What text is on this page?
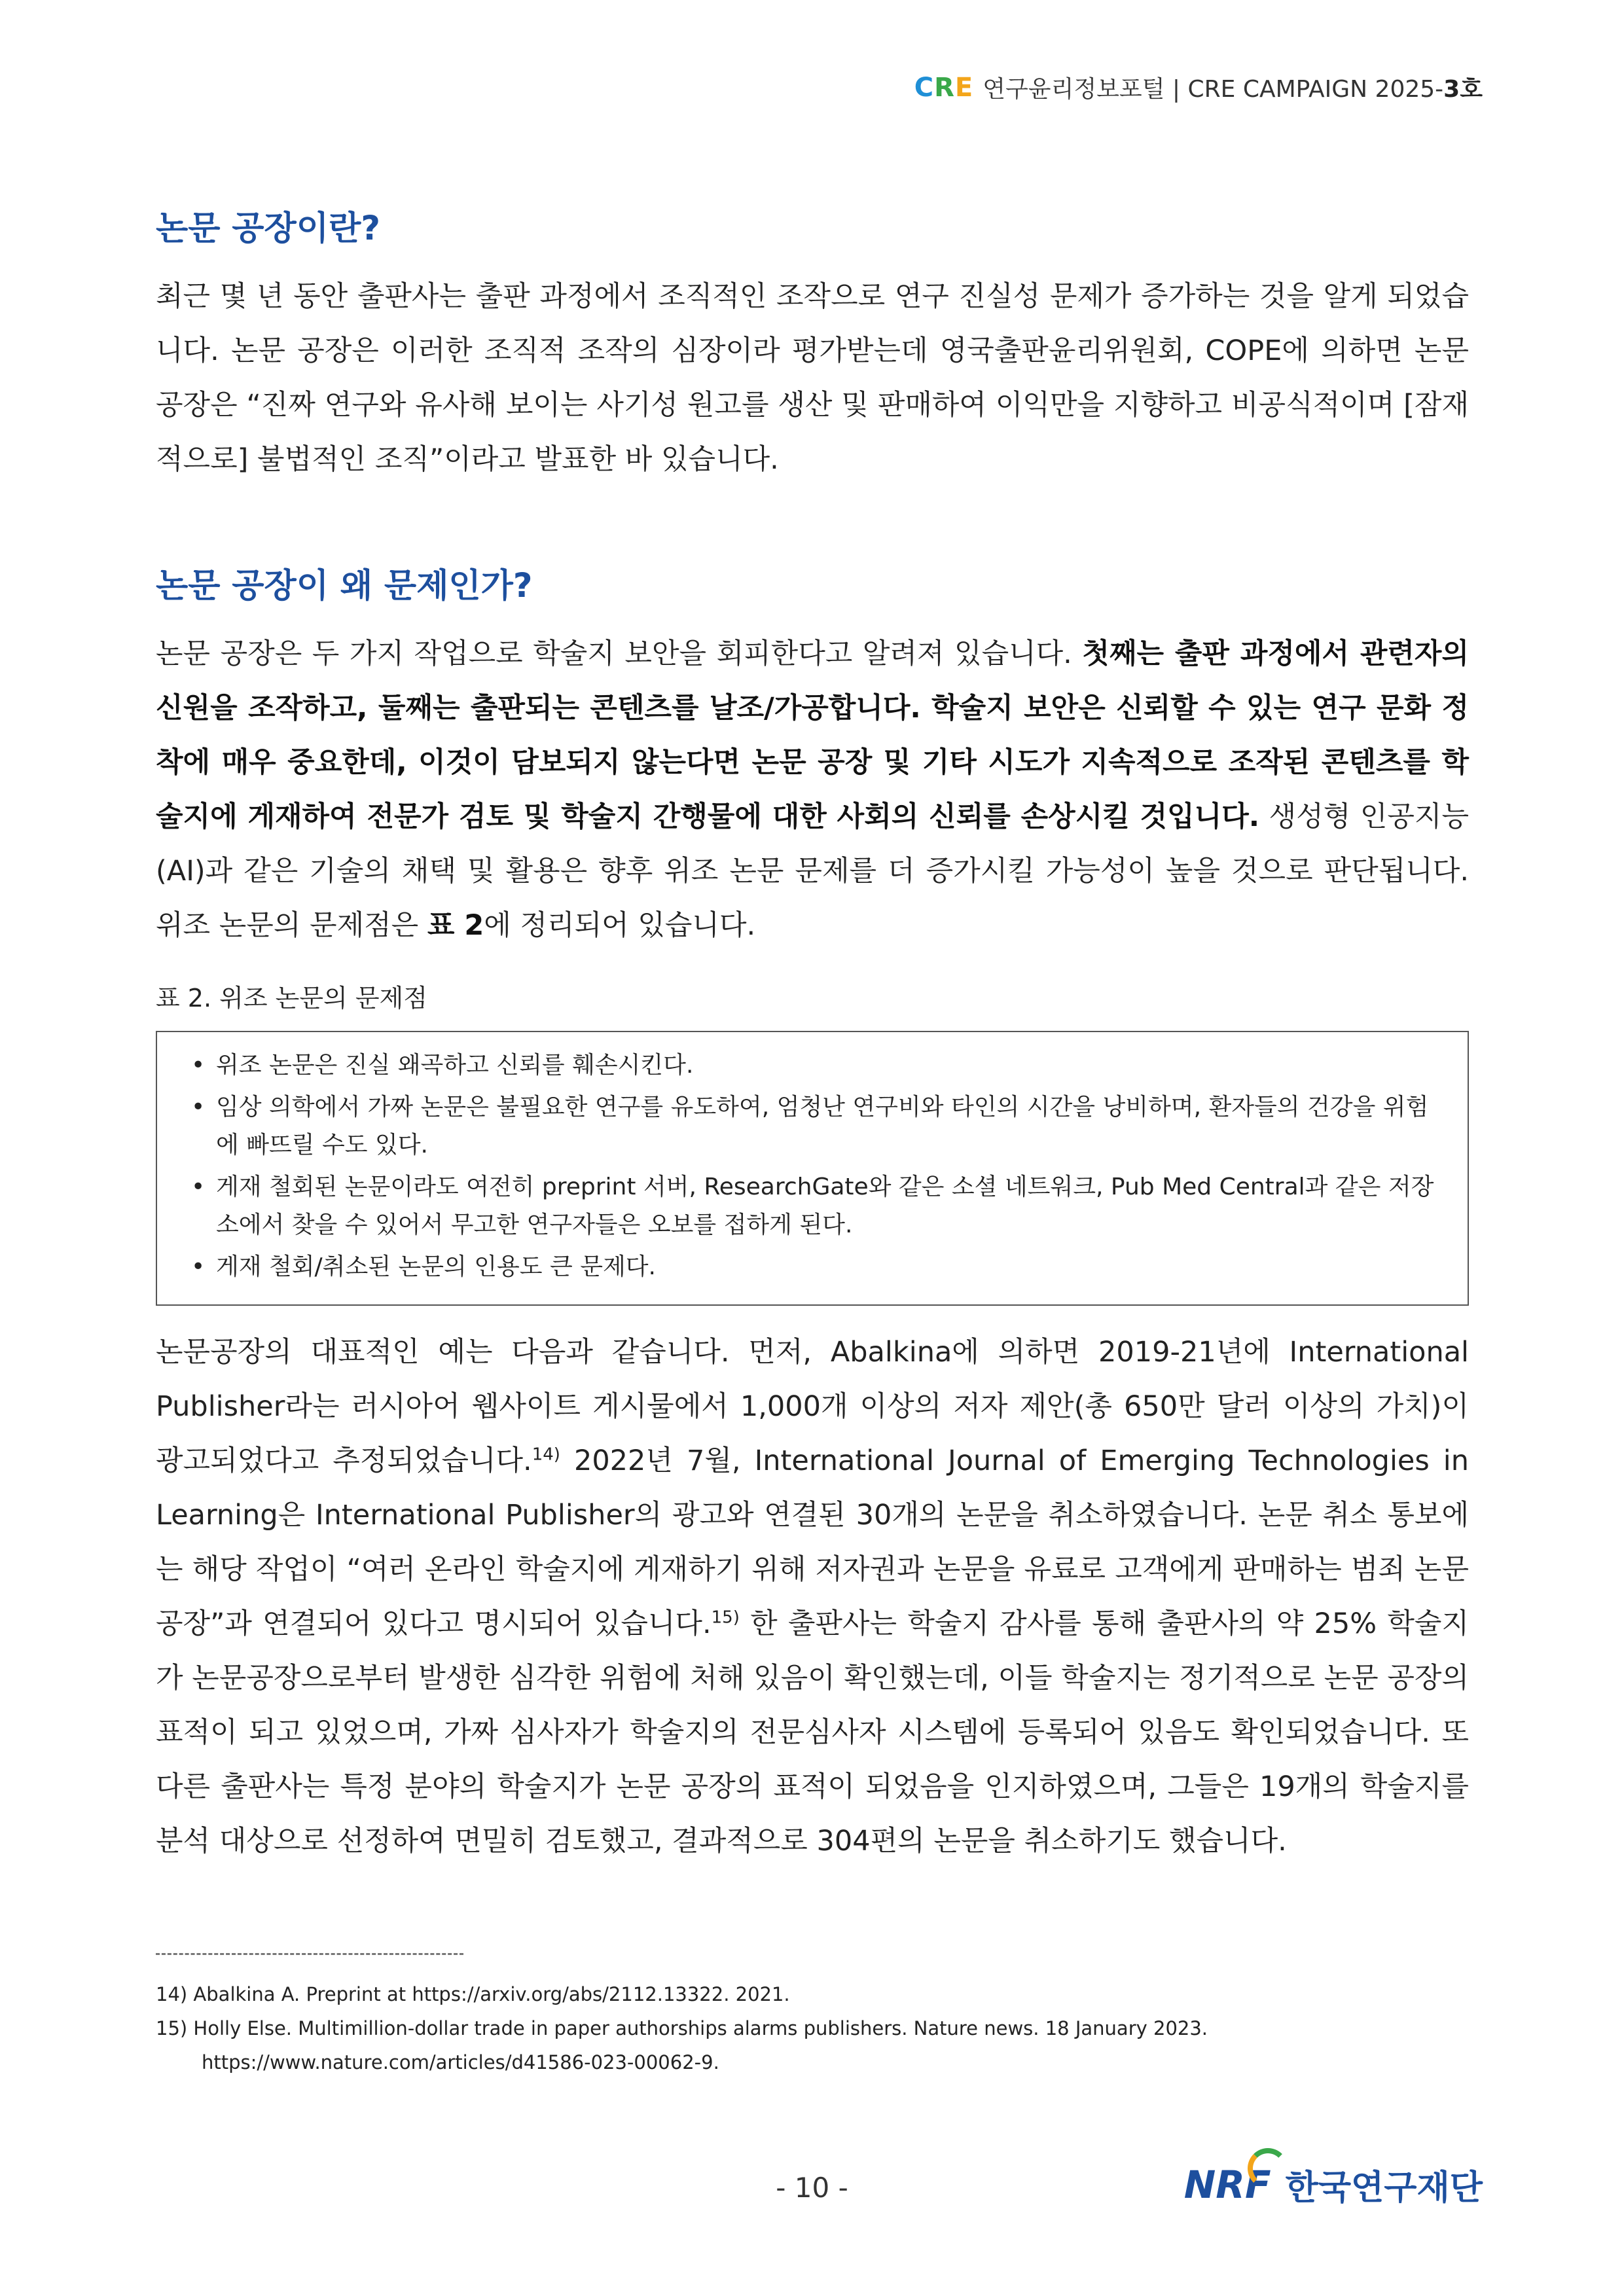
CRE 연구윤리정보포털 | CRE CAMPAIGN 2025-3호
논문 공장이란?

최근 몇 년 동안 출판사는 출판 과정에서 조직적인 조작으로 연구 진실성 문제가 증가하는 것을 알게 되었습니다. 논문 공장은 이러한 조직적 조작의 심장이라 평가받는데 영국출판윤리위원회, COPE에 의하면 논문 공장은 “진짜 연구와 유사해 보이는 사기성 원고를 생산 및 판매하여 이익만을 지향하고 비공식적이며 [잠재적으로] 불법적인 조직”이라고 발표한 바 있습니다.

논문 공장이 왜 문제인가?

논문 공장은 두 가지 작업으로 학술지 보안을 회피한다고 알려져 있습니다. 첫째는 출판 과정에서 관련자의 신원을 조작하고, 둘째는 출판되는 콘텐츠를 날조/가공합니다. 학술지 보안은 신뢰할 수 있는 연구 문화 정착에 매우 중요한데, 이것이 담보되지 않는다면 논문 공장 및 기타 시도가 지속적으로 조작된 콘텐츠를 학술지에 게재하여 전문가 검토 및 학술지 간행물에 대한 사회의 신뢰를 손상시킬 것입니다. 생성형 인공지능(AI)과 같은 기술의 채택 및 활용은 향후 위조 논문 문제를 더 증가시킬 가능성이 높을 것으로 판단됩니다. 위조 논문의 문제점은 표 2에 정리되어 있습니다.

표 2. 위조 논문의 문제점
• 위조 논문은 진실 왜곡하고 신뢰를 훼손시킨다.
• 임상 의학에서 가짜 논문은 불필요한 연구를 유도하여, 엄청난 연구비와 타인의 시간을 낭비하며, 환자들의 건강을 위험에 빠뜨릴 수도 있다.
• 게재 철회된 논문이라도 여전히 preprint 서버, ResearchGate와 같은 소셜 네트워크, Pub Med Central과 같은 저장소에서 찾을 수 있어서 무고한 연구자들은 오보를 접하게 된다.
• 게재 철회/취소된 논문의 인용도 큰 문제다.

논문공장의 대표적인 예는 다음과 같습니다. 먼저, Abalkina에 의하면 2019-21년에 International Publisher라는 러시아어 웹사이트 게시물에서 1,000개 이상의 저자 제안(총 650만 달러 이상의 가치)이 광고되었다고 추정되었습니다.$^{14)}$ 2022년 7월, International Journal of Emerging Technologies in Learning은 International Publisher의 광고와 연결된 30개의 논문을 취소하였습니다. 논문 취소 통보에는 해당 작업이 “여러 온라인 학술지에 게재하기 위해 저자권과 논문을 유료로 고객에게 판매하는 범죄 논문 공장”과 연결되어 있다고 명시되어 있습니다.$^{15)}$ 한 출판사는 학술지 감사를 통해 출판사의 약 25% 학술지가 논문공장으로부터 발생한 심각한 위험에 처해 있음이 확인했는데, 이들 학술지는 정기적으로 논문 공장의 표적이 되고 있었으며, 가짜 심사자가 학술지의 전문심사자 시스템에 등록되어 있음도 확인되었습니다. 또 다른 출판사는 특정 분야의 학술지가 논문 공장의 표적이 되었음을 인지하였으며, 그들은 19개의 학술지를 분석 대상으로 선정하여 면밀히 검토했고, 결과적으로 304편의 논문을 취소하기도 했습니다.

14) Abalkina A. Preprint at https://arxiv.org/abs/2112.13322. 2021.
15) Holly Else. Multimillion-dollar trade in paper authorships alarms publishers. Nature news. 18 January 2023. https://www.nature.com/articles/d41586-023-00062-9.
- 10 -	NRF 한국연구재단
